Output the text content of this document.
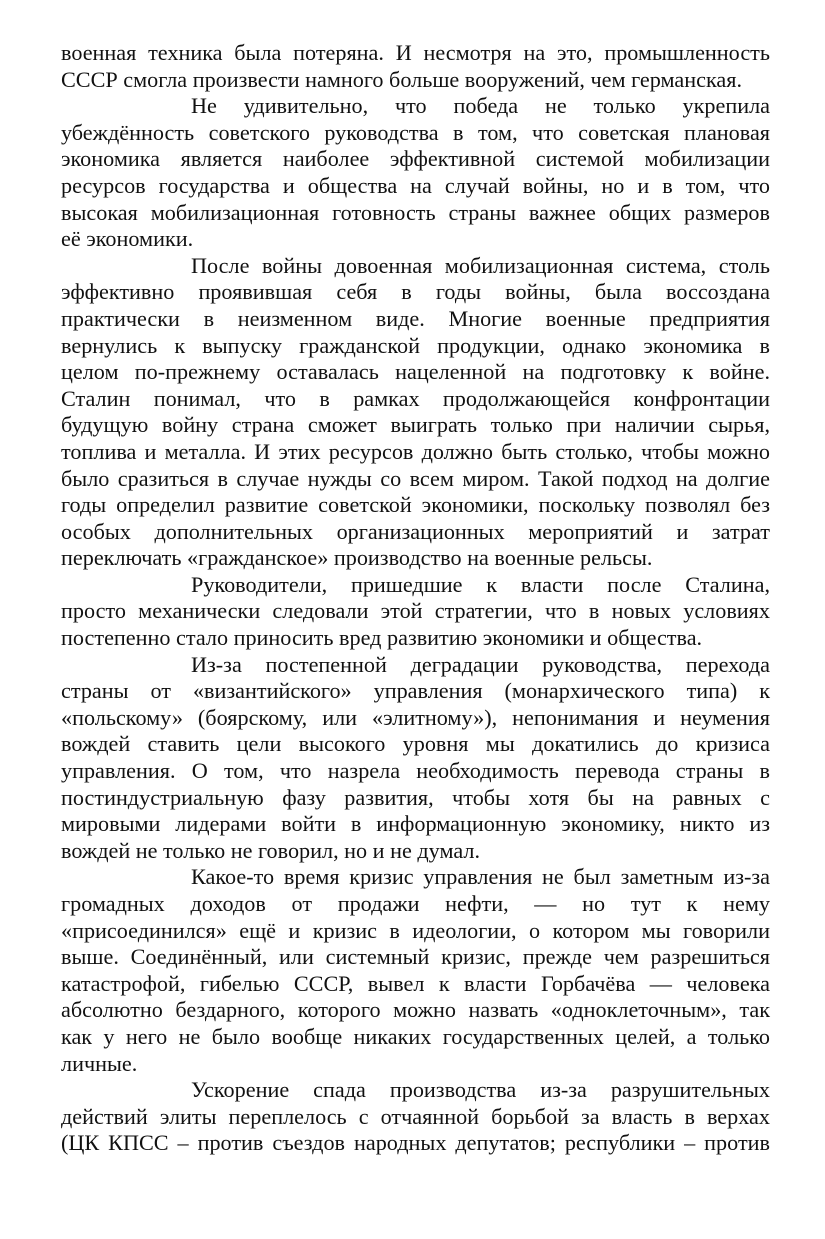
военная техника была потеряна. И несмотря на это, промышленность
СССР смогла произвести намного больше вооружений, чем германская.
Не удивительно, что победа не только укрепила
убеждённость советского руководства в том, что советская плановая
экономика является наиболее эффективной системой мобилизации
ресурсов государства и общества на случай войны, но и в том, что
высокая мобилизационная готовность страны важнее общих размеров
её экономики.
После войны довоенная мобилизационная система, столь
эффективно проявившая себя в годы войны, была воссоздана
практически в неизменном виде. Многие военные предприятия
вернулись к выпуску гражданской продукции, однако экономика в
целом по-прежнему оставалась нацеленной на подготовку к войне.
Сталин понимал, что в рамках продолжающейся конфронтации
будущую войну страна сможет выиграть только при наличии сырья,
топлива и металла. И этих ресурсов должно быть столько, чтобы можно
было сразиться в случае нужды со всем миром. Такой подход на долгие
годы определил развитие советской экономики, поскольку позволял без
особых дополнительных организационных мероприятий и затрат
переключать «гражданское» производство на военные рельсы.
Руководители, пришедшие к власти после Сталина,
просто механически следовали этой стратегии, что в новых условиях
постепенно стало приносить вред развитию экономики и общества.
Из-за постепенной деградации руководства, перехода
страны от «византийского» управления (монархического типа) к
«польскому» (боярскому, или «элитному»), непонимания и неумения
вождей ставить цели высокого уровня мы докатились до кризиса
управления. О том, что назрела необходимость перевода страны в
постиндустриальную фазу развития, чтобы хотя бы на равных с
мировыми лидерами войти в информационную экономику, никто из
вождей не только не говорил, но и не думал.
Какое-то время кризис управления не был заметным из-за
громадных доходов от продажи нефти, — но тут к нему
«присоединился» ещё и кризис в идеологии, о котором мы говорили
выше. Соединённый, или системный кризис, прежде чем разрешиться
катастрофой, гибелью СССР, вывел к власти Горбачёва — человека
абсолютно бездарного, которого можно назвать «одноклеточным», так
как у него не было вообще никаких государственных целей, а только
личные.
Ускорение спада производства из-за разрушительных
действий элиты переплелось с отчаянной борьбой за власть в верхах
(ЦК КПСС – против съездов народных депутатов; республики – против
